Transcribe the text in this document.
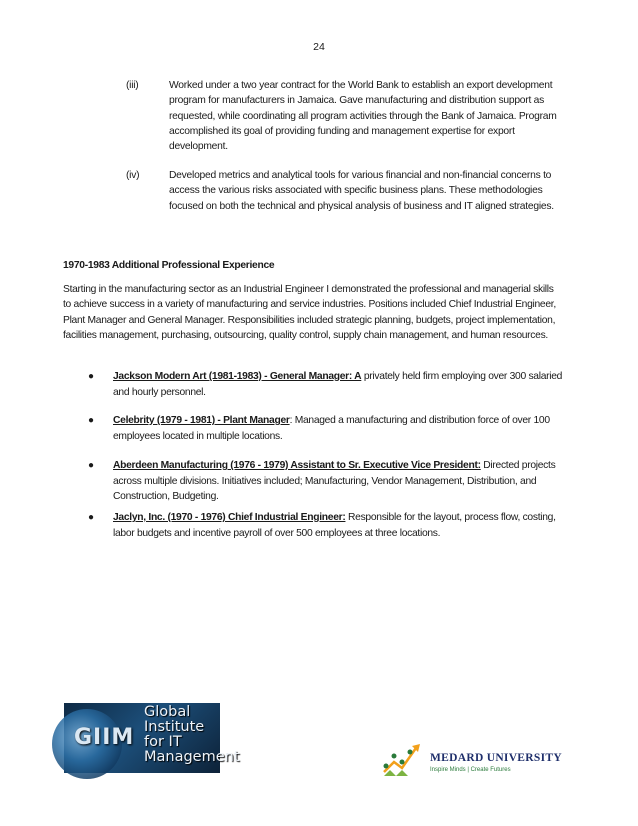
24
(iii)	Worked under a two year contract for the World Bank to establish an export development program for manufacturers in Jamaica. Gave manufacturing and distribution support as requested, while coordinating all program activities through the Bank of Jamaica. Program accomplished its goal of providing funding and management expertise for export development.
(iv)	Developed metrics and analytical tools for various financial and non-financial concerns to access the various risks associated with specific business plans. These methodologies focused on both the technical and physical analysis of business and IT aligned strategies.
1970-1983 Additional Professional Experience
Starting in the manufacturing sector as an Industrial Engineer I demonstrated the professional and managerial skills to achieve success in a variety of manufacturing and service industries. Positions included Chief Industrial Engineer, Plant Manager and General Manager. Responsibilities included strategic planning, budgets, project implementation, facilities management, purchasing, outsourcing, quality control, supply chain management, and human resources.
● Jackson Modern Art (1981-1983) - General Manager: A privately held firm employing over 300 salaried and hourly personnel.
● Celebrity (1979 - 1981) - Plant Manager: Managed a manufacturing and distribution force of over 100 employees located in multiple locations.
● Aberdeen Manufacturing (1976 - 1979) Assistant to Sr. Executive Vice President: Directed projects across multiple divisions. Initiatives included; Manufacturing, Vendor Management, Distribution, and Construction, Budgeting.
● Jaclyn, Inc. (1970 - 1976) Chief Industrial Engineer: Responsible for the layout, process flow, costing, labor budgets and incentive payroll of over 500 employees at three locations.
GIIM
Global
Institute
for IT
Management	MEDARD UNIVERSITY
Inspire Minds | Create Futures
